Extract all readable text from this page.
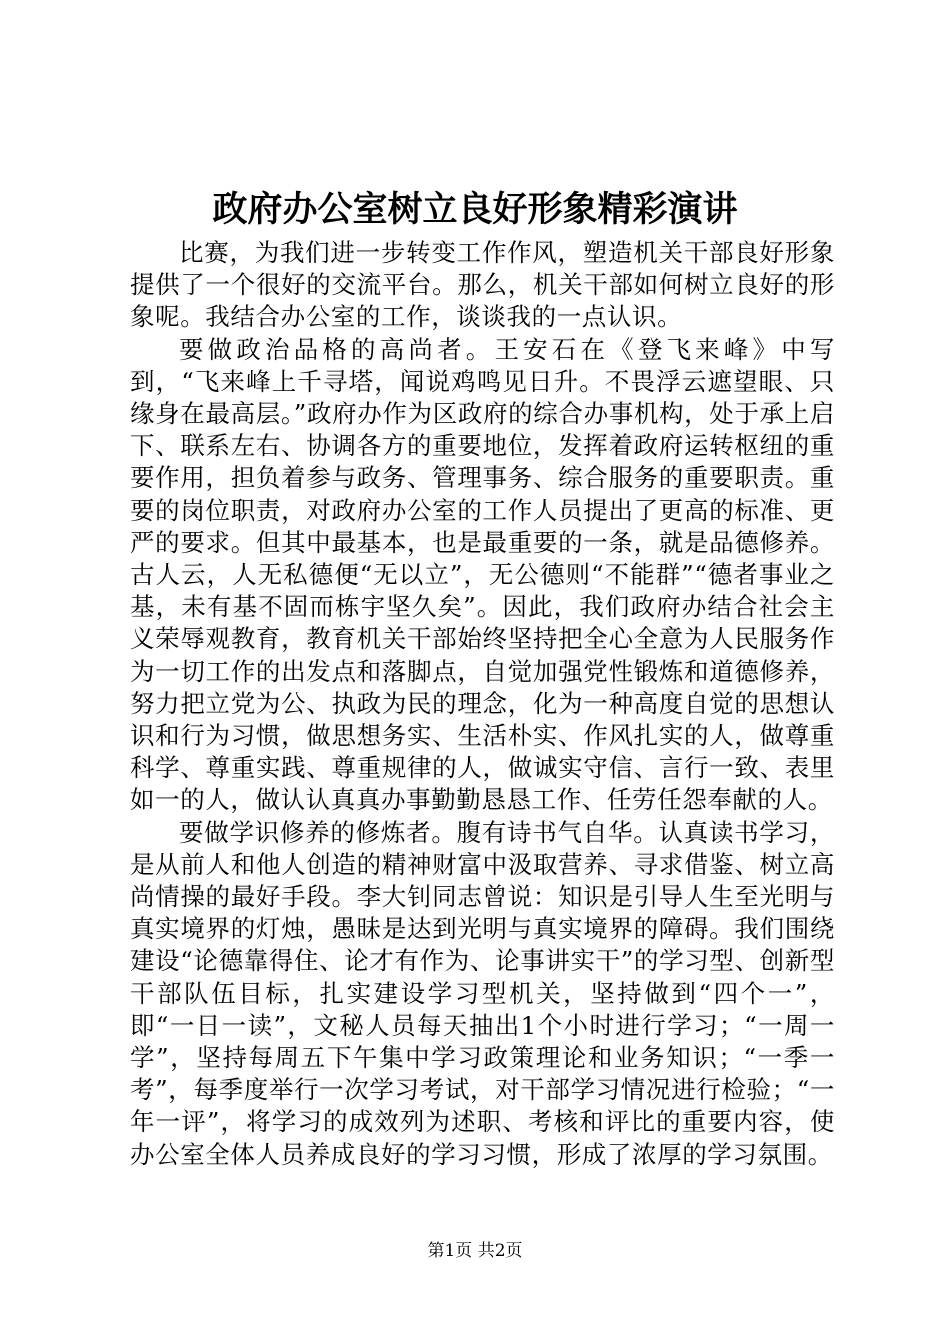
政府办公室树立良好形象精彩演讲

比赛，为我们进一步转变工作作风，塑造机关干部良好形象提供了一个很好的交流平台。那么，机关干部如何树立良好的形象呢。我结合办公室的工作，谈谈我的一点认识。

要做政治品格的高尚者。王安石在《登飞来峰》中写到，“飞来峰上千寻塔，闻说鸡鸣见日升。不畏浮云遮望眼、只缘身在最高层。”政府办作为区政府的综合办事机构，处于承上启下、联系左右、协调各方的重要地位，发挥着政府运转枢纽的重要作用，担负着参与政务、管理事务、综合服务的重要职责。重要的岗位职责，对政府办公室的工作人员提出了更高的标准、更严的要求。但其中最基本，也是最重要的一条，就是品德修养。古人云，人无私德便“无以立”，无公德则“不能群”“德者事业之基，未有基不固而栋宇坚久矣”。因此，我们政府办结合社会主义荣辱观教育，教育机关干部始终坚持把全心全意为人民服务作为一切工作的出发点和落脚点，自觉加强党性锻炼和道德修养，努力把立党为公、执政为民的理念，化为一种高度自觉的思想认识和行为习惯，做思想务实、生活朴实、作风扎实的人，做尊重科学、尊重实践、尊重规律的人，做诚实守信、言行一致、表里如一的人，做认认真真办事勤勤恳恳工作、任劳任怨奉献的人。

要做学识修养的修炼者。腹有诗书气自华。认真读书学习，是从前人和他人创造的精神财富中汲取营养、寻求借鉴、树立高尚情操的最好手段。李大钊同志曾说：知识是引导人生至光明与真实境界的灯烛，愚昧是达到光明与真实境界的障碍。我们围绕建设“论德靠得住、论才有作为、论事讲实干”的学习型、创新型干部队伍目标，扎实建设学习型机关，坚持做到“四个一”，即“一日一读”，文秘人员每天抽出1个小时进行学习；“一周一学”，坚持每周五下午集中学习政策理论和业务知识；“一季一考”，每季度举行一次学习考试，对干部学习情况进行检验；“一年一评”，将学习的成效列为述职、考核和评比的重要内容，使办公室全体人员养成良好的学习习惯，形成了浓厚的学习氛围。

第1页 共2页
